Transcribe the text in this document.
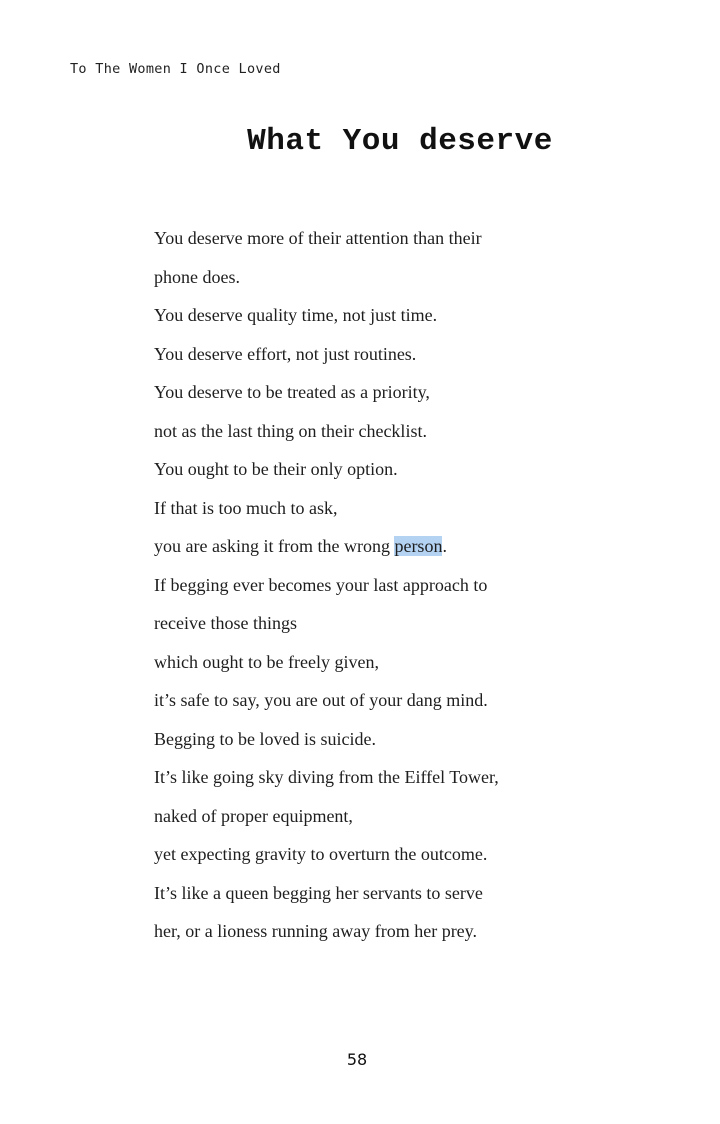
To The Women I Once Loved
What You deserve
You deserve more of their attention than their
phone does.
You deserve quality time, not just time.
You deserve effort, not just routines.
You deserve to be treated as a priority,
not as the last thing on their checklist.
You ought to be their only option.
If that is too much to ask,
you are asking it from the wrong person.
If begging ever becomes your last approach to
receive those things
which ought to be freely given,
it’s safe to say, you are out of your dang mind.
Begging to be loved is suicide.
It’s like going sky diving from the Eiffel Tower,
naked of proper equipment,
yet expecting gravity to overturn the outcome.
It’s like a queen begging her servants to serve
her, or a lioness running away from her prey.
58
